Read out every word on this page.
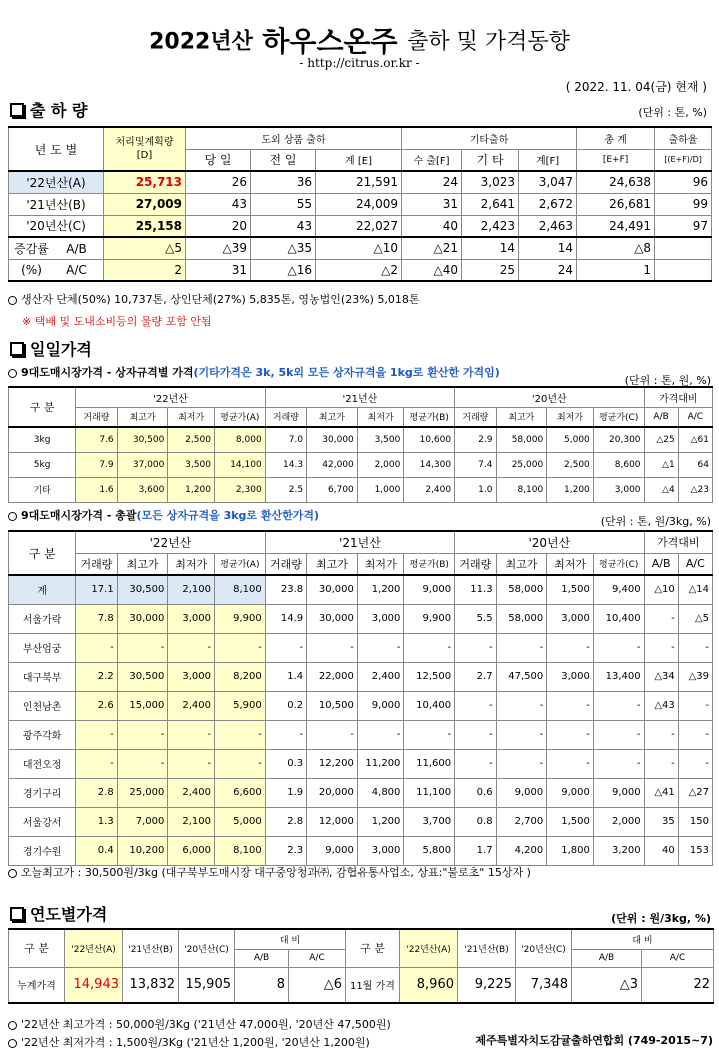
2022년산 하우스온주 출하 및 가격동향
- http://citrus.or.kr -
( 2022. 11. 04(금) 현재 )
출 하 량	(단위 : 톤, %)
년 도 별	처리및계획량
[D]	도외 상품 출하			기타출하			총 계	출하율
		당 일	전 일	계 [E]	수 출[F]	기 타	계[F]	[E+F]	[(E+F)/D]
'22년산(A)	25,713	26	36	21,591	24	3,023	3,047	24,638	96
'21년산(B)	27,009	43	55	24,009	31	2,641	2,672	26,681	99
'20년산(C)	25,158	20	43	22,027	40	2,423	2,463	24,491	97
증감률 A/B	△5	△39	△35	△10	△21	14	14	△8	
(%) A/C	2	31	△16	△2	△40	25	24	1	
생산자 단체(50%) 10,737톤, 상인단체(27%) 5,835톤, 영농법인(23%) 5,018톤
※ 택배 및 도내소비등의 물량 포함 안됨
일일가격
9대도매시장가격 - 상자규격별 가격(기타가격은 3k, 5k외 모든 상자규격을 1kg로 환산한 가격임)
(단위 : 톤, 원, %)
구 분	'22년산				'21년산				'20년산				가격대비	
	거래량	최고가	최저가	평균가(A)	거래량	최고가	최저가	평균가(B)	거래량	최고가	최저가	평균가(C)	A/B	A/C
3kg	7.6	30,500	2,500	8,000	7.0	30,000	3,500	10,600	2.9	58,000	5,000	20,300	△25	△61
5kg	7.9	37,000	3,500	14,100	14.3	42,000	2,000	14,300	7.4	25,000	2,500	8,600	△1	64
기타	1.6	3,600	1,200	2,300	2.5	6,700	1,000	2,400	1.0	8,100	1,200	3,000	△4	△23
9대도매시장가격 - 총괄(모든 상자규격을 3kg로 환산한가격)	(단위 : 톤, 원/3kg, %)
구 분	'22년산				'21년산				'20년산				가격대비	
	거래량	최고가	최저가	평균가(A)	거래량	최고가	최저가	평균가(B)	거래량	최고가	최저가	평균가(C)	A/B	A/C
계	17.1	30,500	2,100	8,100	23.8	30,000	1,200	9,000	11.3	58,000	1,500	9,400	△10	△14
서울가락	7.8	30,000	3,000	9,900	14.9	30,000	3,000	9,900	5.5	58,000	3,000	10,400	-	△5
부산엄궁	-	-	-	-	-	-	-	-	-	-	-	-	-	-
대구북부	2.2	30,500	3,000	8,200	1.4	22,000	2,400	12,500	2.7	47,500	3,000	13,400	△34	△39
인천남촌	2.6	15,000	2,400	5,900	0.2	10,500	9,000	10,400	-	-	-	-	△43	-
광주각화	-	-	-	-	-	-	-	-	-	-	-	-	-	-
대전오정	-	-	-	-	0.3	12,200	11,200	11,600	-	-	-	-	-	-
경기구리	2.8	25,000	2,400	6,600	1.9	20,000	4,800	11,100	0.6	9,000	9,000	9,000	△41	△27
서울강서	1.3	7,000	2,100	5,000	2.8	12,000	1,200	3,700	0.8	2,700	1,500	2,000	35	150
경기수원	0.4	10,200	6,000	8,100	2.3	9,000	3,000	5,800	1.7	4,200	1,800	3,200	40	153
오늘최고가 : 30,500원/3kg (대구북부도매시장 대구중앙청과㈜, 감협유통사업소, 상표:"불로초" 15상자 )
연도별가격	(단위 : 원/3kg, %)
구 분	'22년산(A)	'21년산(B)	'20년산(C)	대 비		구 분	'22년산(A)	'21년산(B)	'20년산(C)	대 비	
				A/B	A/C					A/B	A/C
누계가격	14,943	13,832	15,905	8	△6	11월 가격	8,960	9,225	7,348	△3	22
'22년산 최고가격 : 50,000원/3Kg ('21년산 47,000원, '20년산 47,500원)
'22년산 최저가격 : 1,500원/3Kg ('21년산 1,200원, '20년산 1,200원)	제주특별자치도감귤출하연합회 (749-2015~7)
